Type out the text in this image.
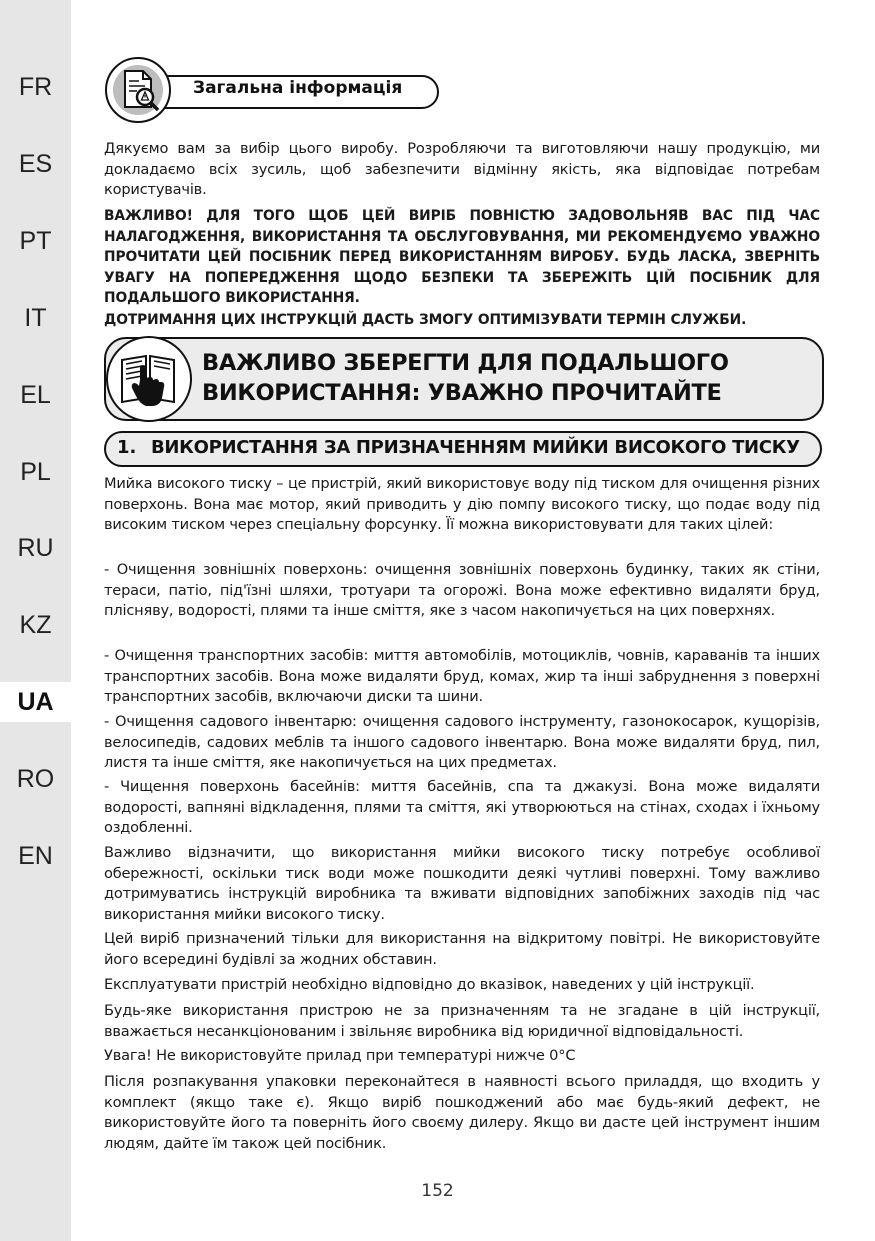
FR
ES
PT
IT
EL
PL
RU
KZ
UA
RO
EN
Загальна інформація

Дякуємо вам за вибір цього виробу. Розробляючи та виготовляючи нашу продукцію, ми докладаємо всіх зусиль, щоб забезпечити відмінну якість, яка відповідає потребам користувачів.

ВАЖЛИВО! ДЛЯ ТОГО ЩОБ ЦЕЙ ВИРІБ ПОВНІСТЮ ЗАДОВОЛЬНЯВ ВАС ПІД ЧАС НАЛАГОДЖЕННЯ, ВИКОРИСТАННЯ ТА ОБСЛУГОВУВАННЯ, МИ РЕКОМЕНДУЄМО УВАЖНО ПРОЧИТАТИ ЦЕЙ ПОСІБНИК ПЕРЕД ВИКОРИСТАННЯМ ВИРОБУ. БУДЬ ЛАСКА, ЗВЕРНІТЬ УВАГУ НА ПОПЕРЕДЖЕННЯ ЩОДО БЕЗПЕКИ ТА ЗБЕРЕЖІТЬ ЦІЙ ПОСІБНИК ДЛЯ ПОДАЛЬШОГО ВИКОРИСТАННЯ.

ДОТРИМАННЯ ЦИХ ІНСТРУКЦІЙ ДАСТЬ ЗМОГУ ОПТИМІЗУВАТИ ТЕРМІН СЛУЖБИ.

ВАЖЛИВО ЗБЕРЕГТИ ДЛЯ ПОДАЛЬШОГО
ВИКОРИСТАННЯ: УВАЖНО ПРОЧИТАЙТЕ
1. ВИКОРИСТАННЯ ЗА ПРИЗНАЧЕННЯМ МИЙКИ ВИСОКОГО ТИСКУ

Мийка високого тиску – це пристрій, який використовує воду під тиском для очищення різних поверхонь. Вона має мотор, який приводить у дію помпу високого тиску, що подає воду під високим тиском через спеціальну форсунку. Її можна використовувати для таких цілей:

- Очищення зовнішніх поверхонь: очищення зовнішніх поверхонь будинку, таких як стіни, тераси, патіо, під'їзні шляхи, тротуари та огорожі. Вона може ефективно видаляти бруд, плісняву, водорості, плями та інше сміття, яке з часом накопичується на цих поверхнях.

- Очищення транспортних засобів: миття автомобілів, мотоциклів, човнів, караванів та інших транспортних засобів. Вона може видаляти бруд, комах, жир та інші забруднення з поверхні транспортних засобів, включаючи диски та шини.

- Очищення садового інвентарю: очищення садового інструменту, газонокосарок, кущорізів, велосипедів, садових меблів та іншого садового інвентарю. Вона може видаляти бруд, пил, листя та інше сміття, яке накопичується на цих предметах.

- Чищення поверхонь басейнів: миття басейнів, спа та джакузі. Вона може видаляти водорості, вапняні відкладення, плями та сміття, які утворюються на стінах, сходах і їхньому оздобленні.

Важливо відзначити, що використання мийки високого тиску потребує особливої обережності, оскільки тиск води може пошкодити деякі чутливі поверхні. Тому важливо дотримуватись інструкцій виробника та вживати відповідних запобіжних заходів під час використання мийки високого тиску.

Цей виріб призначений тільки для використання на відкритому повітрі. Не використовуйте його всередині будівлі за жодних обставин.

Експлуатувати пристрій необхідно відповідно до вказівок, наведених у цій інструкції.

Будь-яке використання пристрою не за призначенням та не згадане в цій інструкції, вважається несанкціонованим і звільняє виробника від юридичної відповідальності.

Увага! Не використовуйте прилад при температурі нижче 0°C

Після розпакування упаковки переконайтеся в наявності всього приладдя, що входить у комплект (якщо таке є). Якщо виріб пошкоджений або має будь-який дефект, не використовуйте його та поверніть його своєму дилеру. Якщо ви дасте цей інструмент іншим людям, дайте їм також цей посібник.

152
